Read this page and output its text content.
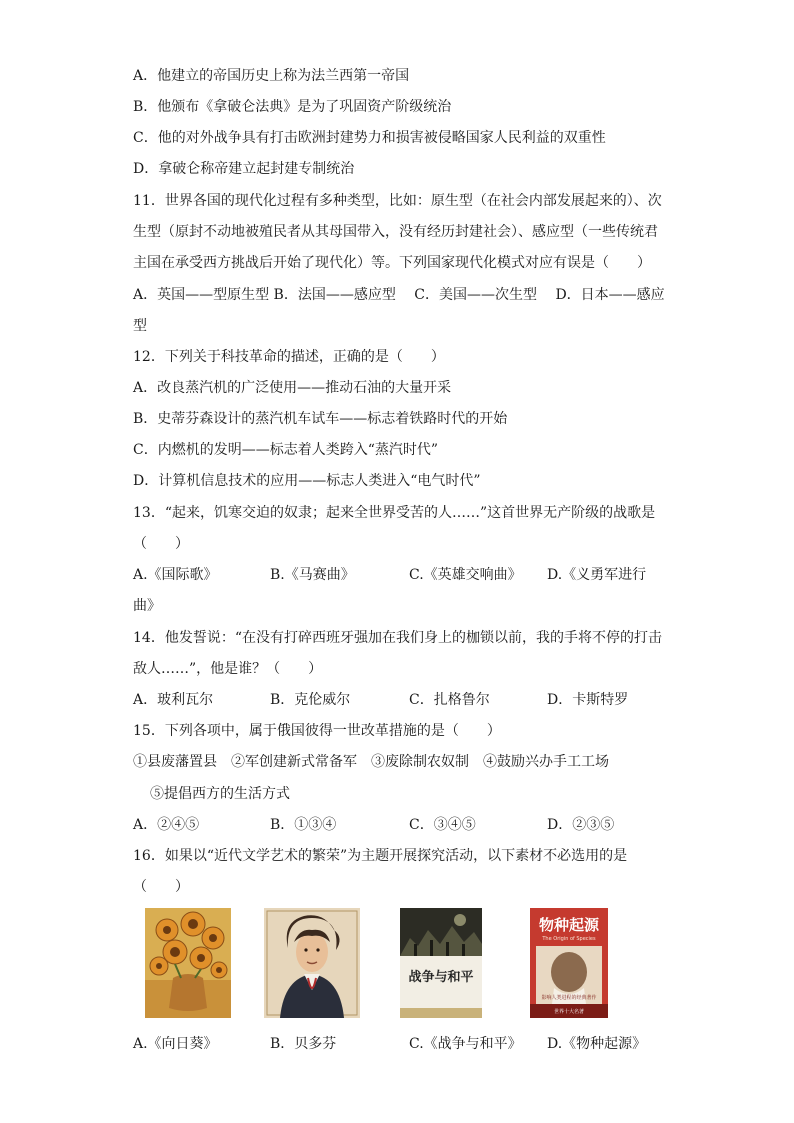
A．他建立的帝国历史上称为法兰西第一帝国
B．他颁布《拿破仑法典》是为了巩固资产阶级统治
C．他的对外战争具有打击欧洲封建势力和损害被侵略国家人民利益的双重性
D．拿破仑称帝建立起封建专制统治
11．世界各国的现代化过程有多种类型，比如：原生型（在社会内部发展起来的）、次
生型（原封不动地被殖民者从其母国带入，没有经历封建社会）、感应型（一些传统君
主国在承受西方挑战后开始了现代化）等。下列国家现代化模式对应有误是（　　）
A．英国——型原生型 B．法国——感应型　 C．美国——次生型　 D．日本——感应
型
12．下列关于科技革命的描述，正确的是（　　）
A．改良蒸汽机的广泛使用——推动石油的大量开采
B．史蒂芬森设计的蒸汽机车试车——标志着铁路时代的开始
C．内燃机的发明——标志着人类跨入“蒸汽时代”
D．计算机信息技术的应用——标志人类进入“电气时代”
13．“起来，饥寒交迫的奴隶；起来全世界受苦的人……”这首世界无产阶级的战歌是
（　　）
A.《国际歌》	B.《马赛曲》	C.《英雄交响曲》 D.《义勇军进行
曲》
14．他发誓说：“在没有打碎西班牙强加在我们身上的枷锁以前，我的手将不停的打击
敌人……”，他是谁？（　　）
A．玻利瓦尔	B．克伦威尔	C．扎格鲁尔	D．卡斯特罗
15．下列各项中，属于俄国彼得一世改革措施的是（　　）
①县废藩置县　②军创建新式常备军　③废除制农奴制　④鼓励兴办手工工场
⑤提倡西方的生活方式
A．②④⑤	B．①③④	C．③④⑤	D．②③⑤
16．如果以“近代文学艺术的繁荣”为主题开展探究活动，以下素材不必选用的是
（　　）
战争与和平
物种起源
The Origin of Species
影响人类进程的经典著作
世界十大名著
A.《向日葵》	B．贝多芬	C.《战争与和平》 D.《物种起源》
